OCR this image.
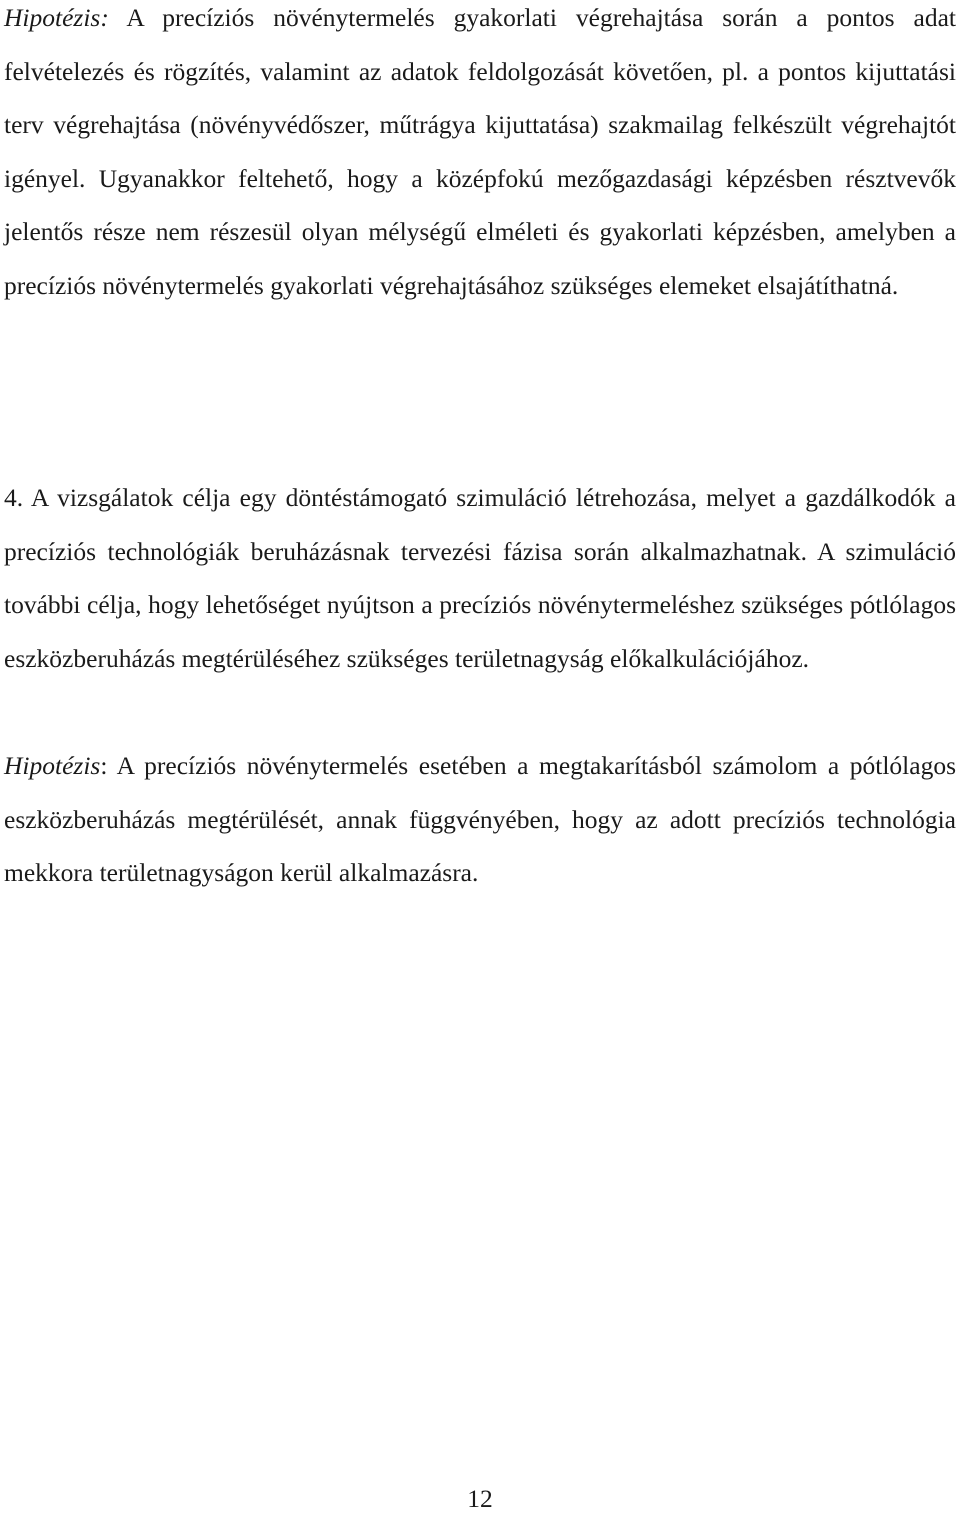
Hipotézis: A precíziós növénytermelés gyakorlati végrehajtása során a pontos adat felvételezés és rögzítés, valamint az adatok feldolgozását követően, pl. a pontos kijuttatási terv végrehajtása (növényvédőszer, műtrágya kijuttatása) szakmailag felkészült végrehajtót igényel. Ugyanakkor feltehető, hogy a középfokú mezőgazdasági képzésben résztvevők jelentős része nem részesül olyan mélységű elméleti és gyakorlati képzésben, amelyben a precíziós növénytermelés gyakorlati végrehajtásához szükséges elemeket elsajátíthatná.

4. A vizsgálatok célja egy döntéstámogató szimuláció létrehozása, melyet a gazdálkodók a precíziós technológiák beruházásnak tervezési fázisa során alkalmazhatnak. A szimuláció további célja, hogy lehetőséget nyújtson a precíziós növénytermeléshez szükséges pótlólagos eszközberuházás megtérüléséhez szükséges területnagyság előkalkulációjához.

Hipotézis: A precíziós növénytermelés esetében a megtakarításból számolom a pótlólagos eszközberuházás megtérülését, annak függvényében, hogy az adott precíziós technológia mekkora területnagyságon kerül alkalmazásra.

12
